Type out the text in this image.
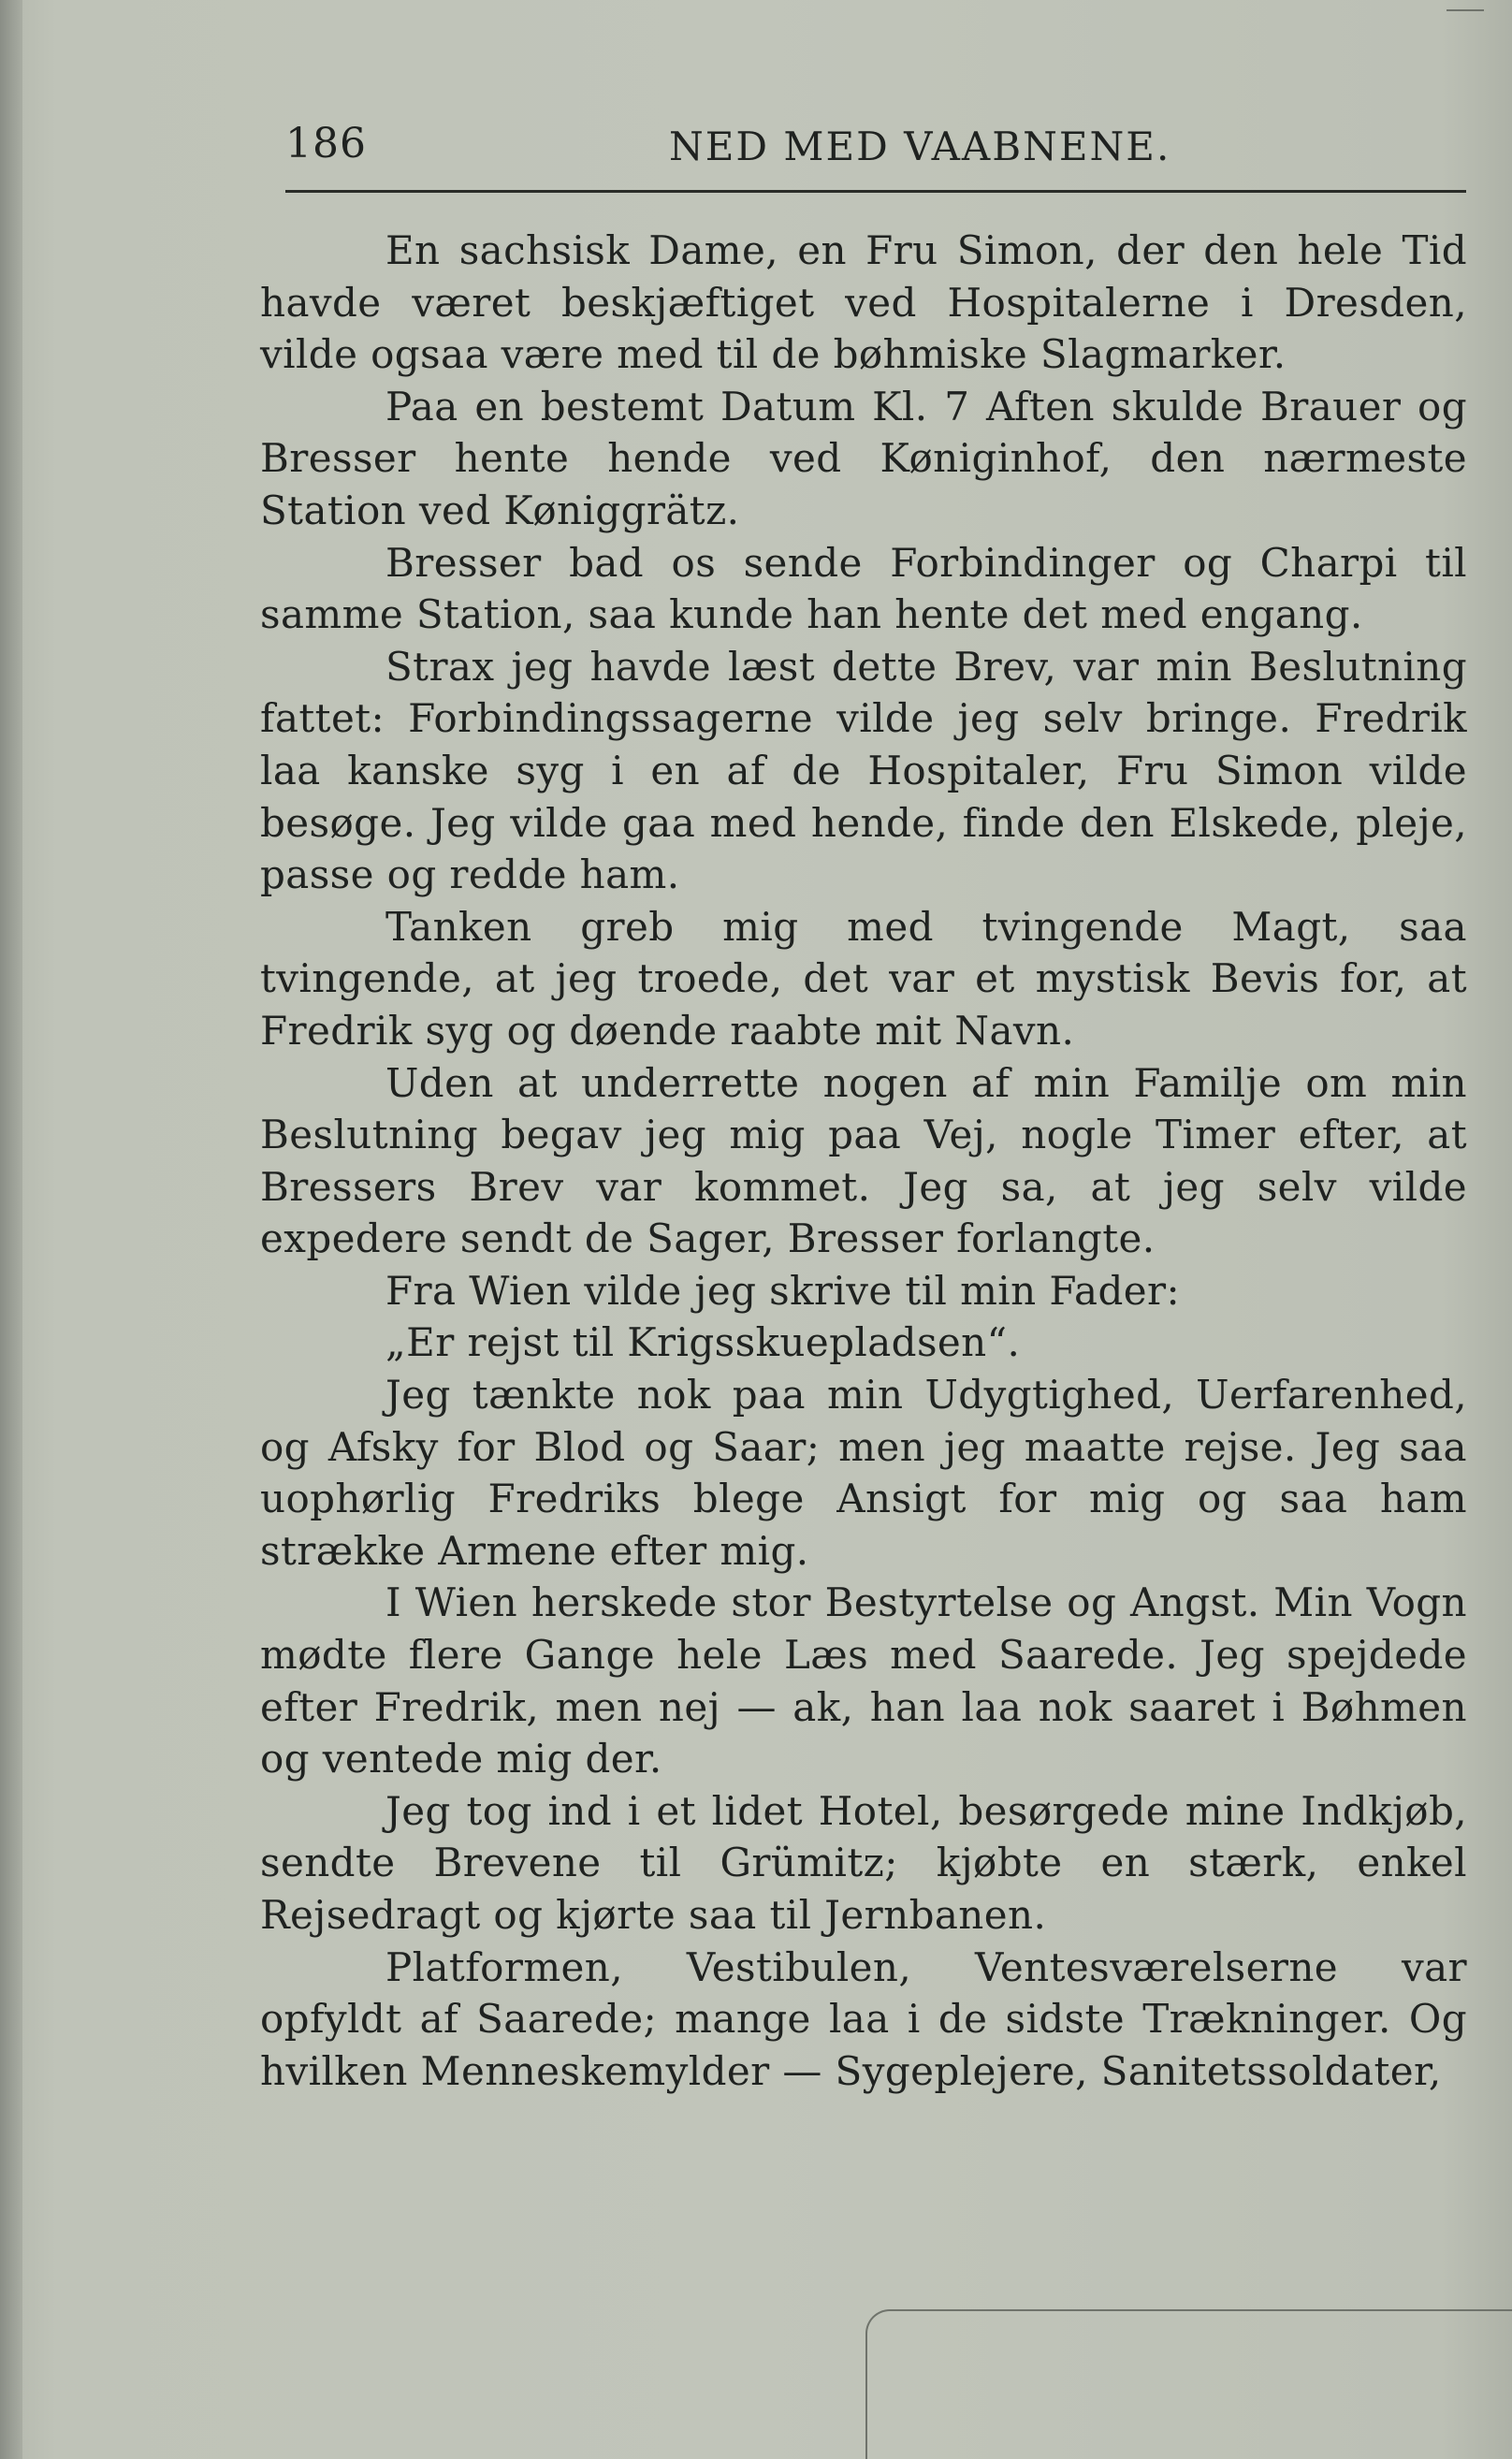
186	NED MED VAABNENE.

En sachsisk Dame, en Fru Simon, der den hele Tid havde været beskjæftiget ved Hospitalerne i Dresden, vilde ogsaa være med til de bøhmiske Slagmarker.

Paa en bestemt Datum Kl. 7 Aften skulde Brauer og Bresser hente hende ved Køniginhof, den nærmeste Station ved Køniggrätz.

Bresser bad os sende Forbindinger og Charpi til samme Station, saa kunde han hente det med engang.

Strax jeg havde læst dette Brev, var min Beslutning fattet: Forbindingssagerne vilde jeg selv bringe. Fredrik laa kanske syg i en af de Hospitaler, Fru Simon vilde besøge. Jeg vilde gaa med hende, finde den Elskede, pleje, passe og redde ham.

Tanken greb mig med tvingende Magt, saa tvingende, at jeg troede, det var et mystisk Bevis for, at Fredrik syg og døende raabte mit Navn.

Uden at underrette nogen af min Familje om min Beslutning begav jeg mig paa Vej, nogle Timer efter, at Bressers Brev var kommet. Jeg sa, at jeg selv vilde expedere sendt de Sager, Bresser forlangte.

Fra Wien vilde jeg skrive til min Fader:

„Er rejst til Krigsskuepladsen“.

Jeg tænkte nok paa min Udygtighed, Uerfarenhed, og Afsky for Blod og Saar; men jeg maatte rejse. Jeg saa uophørlig Fredriks blege Ansigt for mig og saa ham strække Armene efter mig.

I Wien herskede stor Bestyrtelse og Angst. Min Vogn mødte flere Gange hele Læs med Saarede. Jeg spejdede efter Fredrik, men nej — ak, han laa nok saaret i Bøhmen og ventede mig der.

Jeg tog ind i et lidet Hotel, besørgede mine Indkjøb, sendte Brevene til Grümitz; kjøbte en stærk, enkel Rejsedragt og kjørte saa til Jernbanen.

Platformen, Vestibulen, Ventesværelserne var opfyldt af Saarede; mange laa i de sidste Trækninger. Og hvilken Menneskemylder — Sygeplejere, Sanitetssoldater,
